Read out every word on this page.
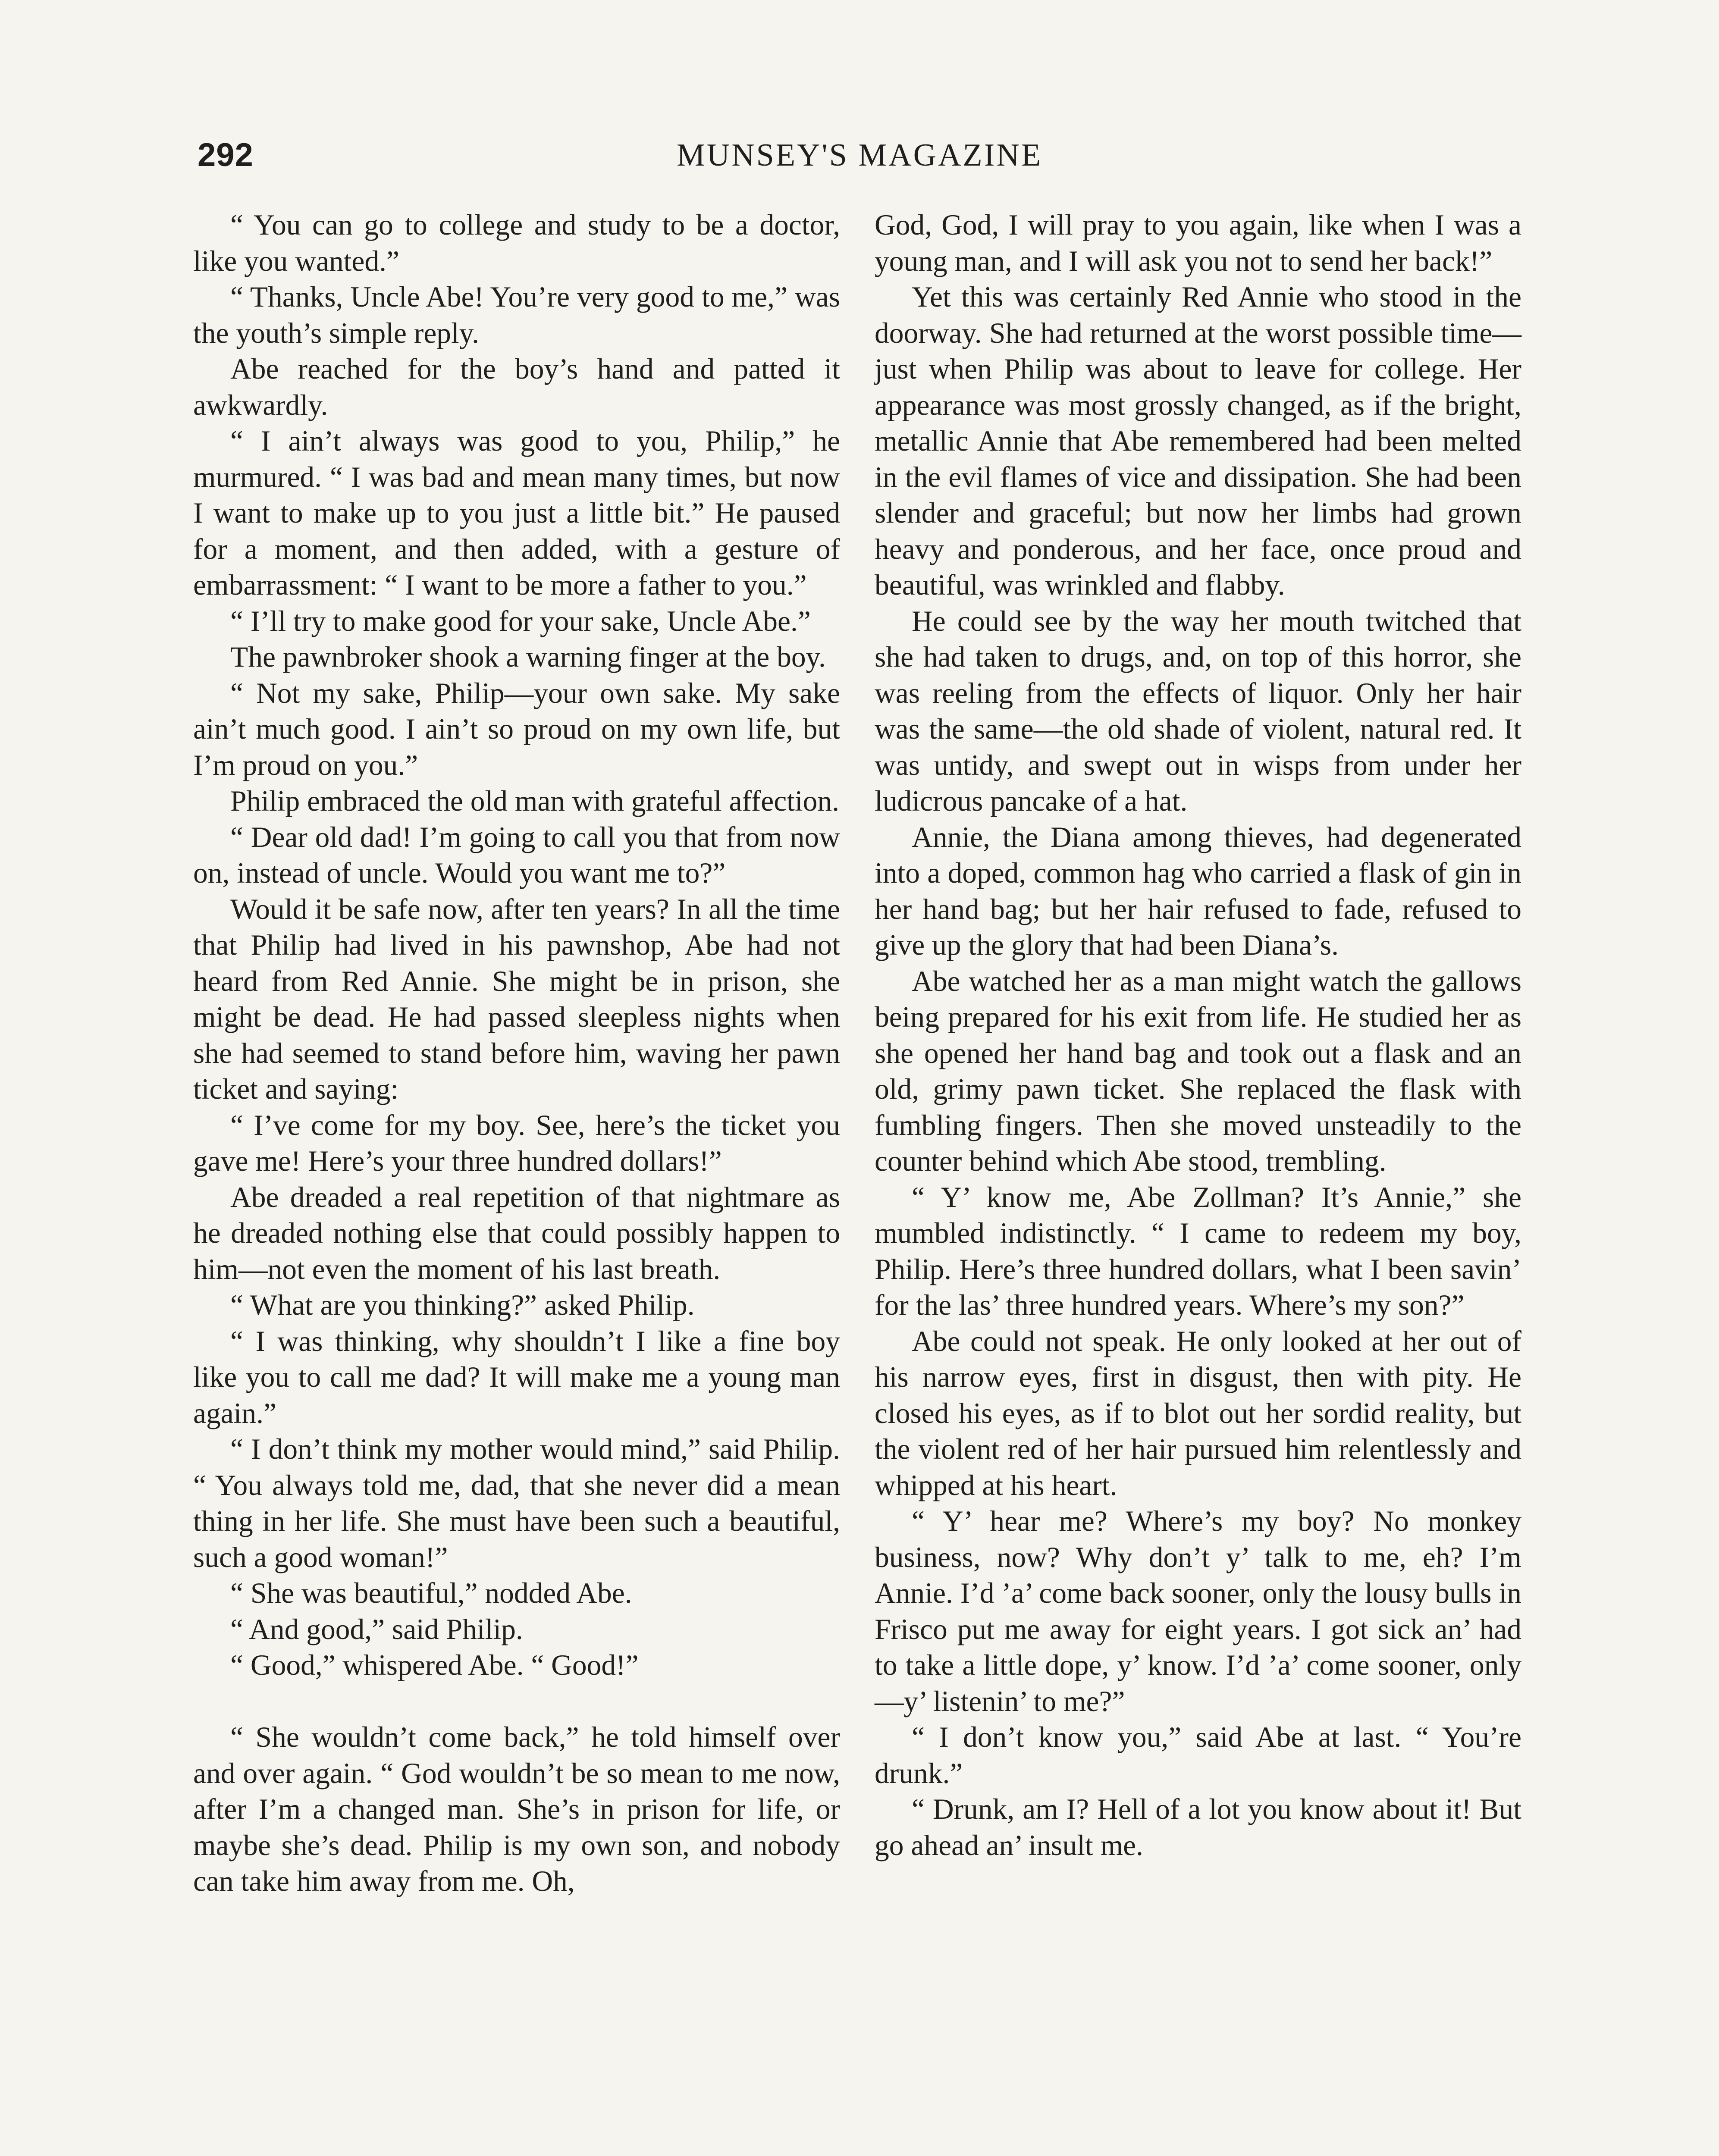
292	MUNSEY'S MAGAZINE

“ You can go to college and study to be a doctor, like you wanted.”

“ Thanks, Uncle Abe! You’re very good to me,” was the youth’s simple reply.

Abe reached for the boy’s hand and patted it awkwardly.

“ I ain’t always was good to you, Philip,” he murmured. “ I was bad and mean many times, but now I want to make up to you just a little bit.” He paused for a moment, and then added, with a gesture of embarrassment: “ I want to be more a father to you.”

“ I’ll try to make good for your sake, Uncle Abe.”

The pawnbroker shook a warning finger at the boy.

“ Not my sake, Philip—your own sake. My sake ain’t much good. I ain’t so proud on my own life, but I’m proud on you.”

Philip embraced the old man with grateful affection.

“ Dear old dad! I’m going to call you that from now on, instead of uncle. Would you want me to?”

Would it be safe now, after ten years? In all the time that Philip had lived in his pawnshop, Abe had not heard from Red Annie. She might be in prison, she might be dead. He had passed sleepless nights when she had seemed to stand before him, waving her pawn ticket and saying:

“ I’ve come for my boy. See, here’s the ticket you gave me! Here’s your three hundred dollars!”

Abe dreaded a real repetition of that nightmare as he dreaded nothing else that could possibly happen to him—not even the moment of his last breath.

“ What are you thinking?” asked Philip.

“ I was thinking, why shouldn’t I like a fine boy like you to call me dad? It will make me a young man again.”

“ I don’t think my mother would mind,” said Philip. “ You always told me, dad, that she never did a mean thing in her life. She must have been such a beautiful, such a good woman!”

“ She was beautiful,” nodded Abe.

“ And good,” said Philip.

“ Good,” whispered Abe. “ Good!”

“ She wouldn’t come back,” he told himself over and over again. “ God wouldn’t be so mean to me now, after I’m a changed man. She’s in prison for life, or maybe she’s dead. Philip is my own son, and nobody can take him away from me. Oh,

God, God, I will pray to you again, like when I was a young man, and I will ask you not to send her back!”

Yet this was certainly Red Annie who stood in the doorway. She had returned at the worst possible time—just when Philip was about to leave for college. Her appearance was most grossly changed, as if the bright, metallic Annie that Abe remembered had been melted in the evil flames of vice and dissipation. She had been slender and graceful; but now her limbs had grown heavy and ponderous, and her face, once proud and beautiful, was wrinkled and flabby.

He could see by the way her mouth twitched that she had taken to drugs, and, on top of this horror, she was reeling from the effects of liquor. Only her hair was the same—the old shade of violent, natural red. It was untidy, and swept out in wisps from under her ludicrous pancake of a hat.

Annie, the Diana among thieves, had degenerated into a doped, common hag who carried a flask of gin in her hand bag; but her hair refused to fade, refused to give up the glory that had been Diana’s.

Abe watched her as a man might watch the gallows being prepared for his exit from life. He studied her as she opened her hand bag and took out a flask and an old, grimy pawn ticket. She replaced the flask with fumbling fingers. Then she moved unsteadily to the counter behind which Abe stood, trembling.

“ Y’ know me, Abe Zollman? It’s Annie,” she mumbled indistinctly. “ I came to redeem my boy, Philip. Here’s three hundred dollars, what I been savin’ for the las’ three hundred years. Where’s my son?”

Abe could not speak. He only looked at her out of his narrow eyes, first in disgust, then with pity. He closed his eyes, as if to blot out her sordid reality, but the violent red of her hair pursued him relentlessly and whipped at his heart.

“ Y’ hear me? Where’s my boy? No monkey business, now? Why don’t y’ talk to me, eh? I’m Annie. I’d ’a’ come back sooner, only the lousy bulls in Frisco put me away for eight years. I got sick an’ had to take a little dope, y’ know. I’d ’a’ come sooner, only—y’ listenin’ to me?”

“ I don’t know you,” said Abe at last. “ You’re drunk.”

“ Drunk, am I? Hell of a lot you know about it! But go ahead an’ insult me.
